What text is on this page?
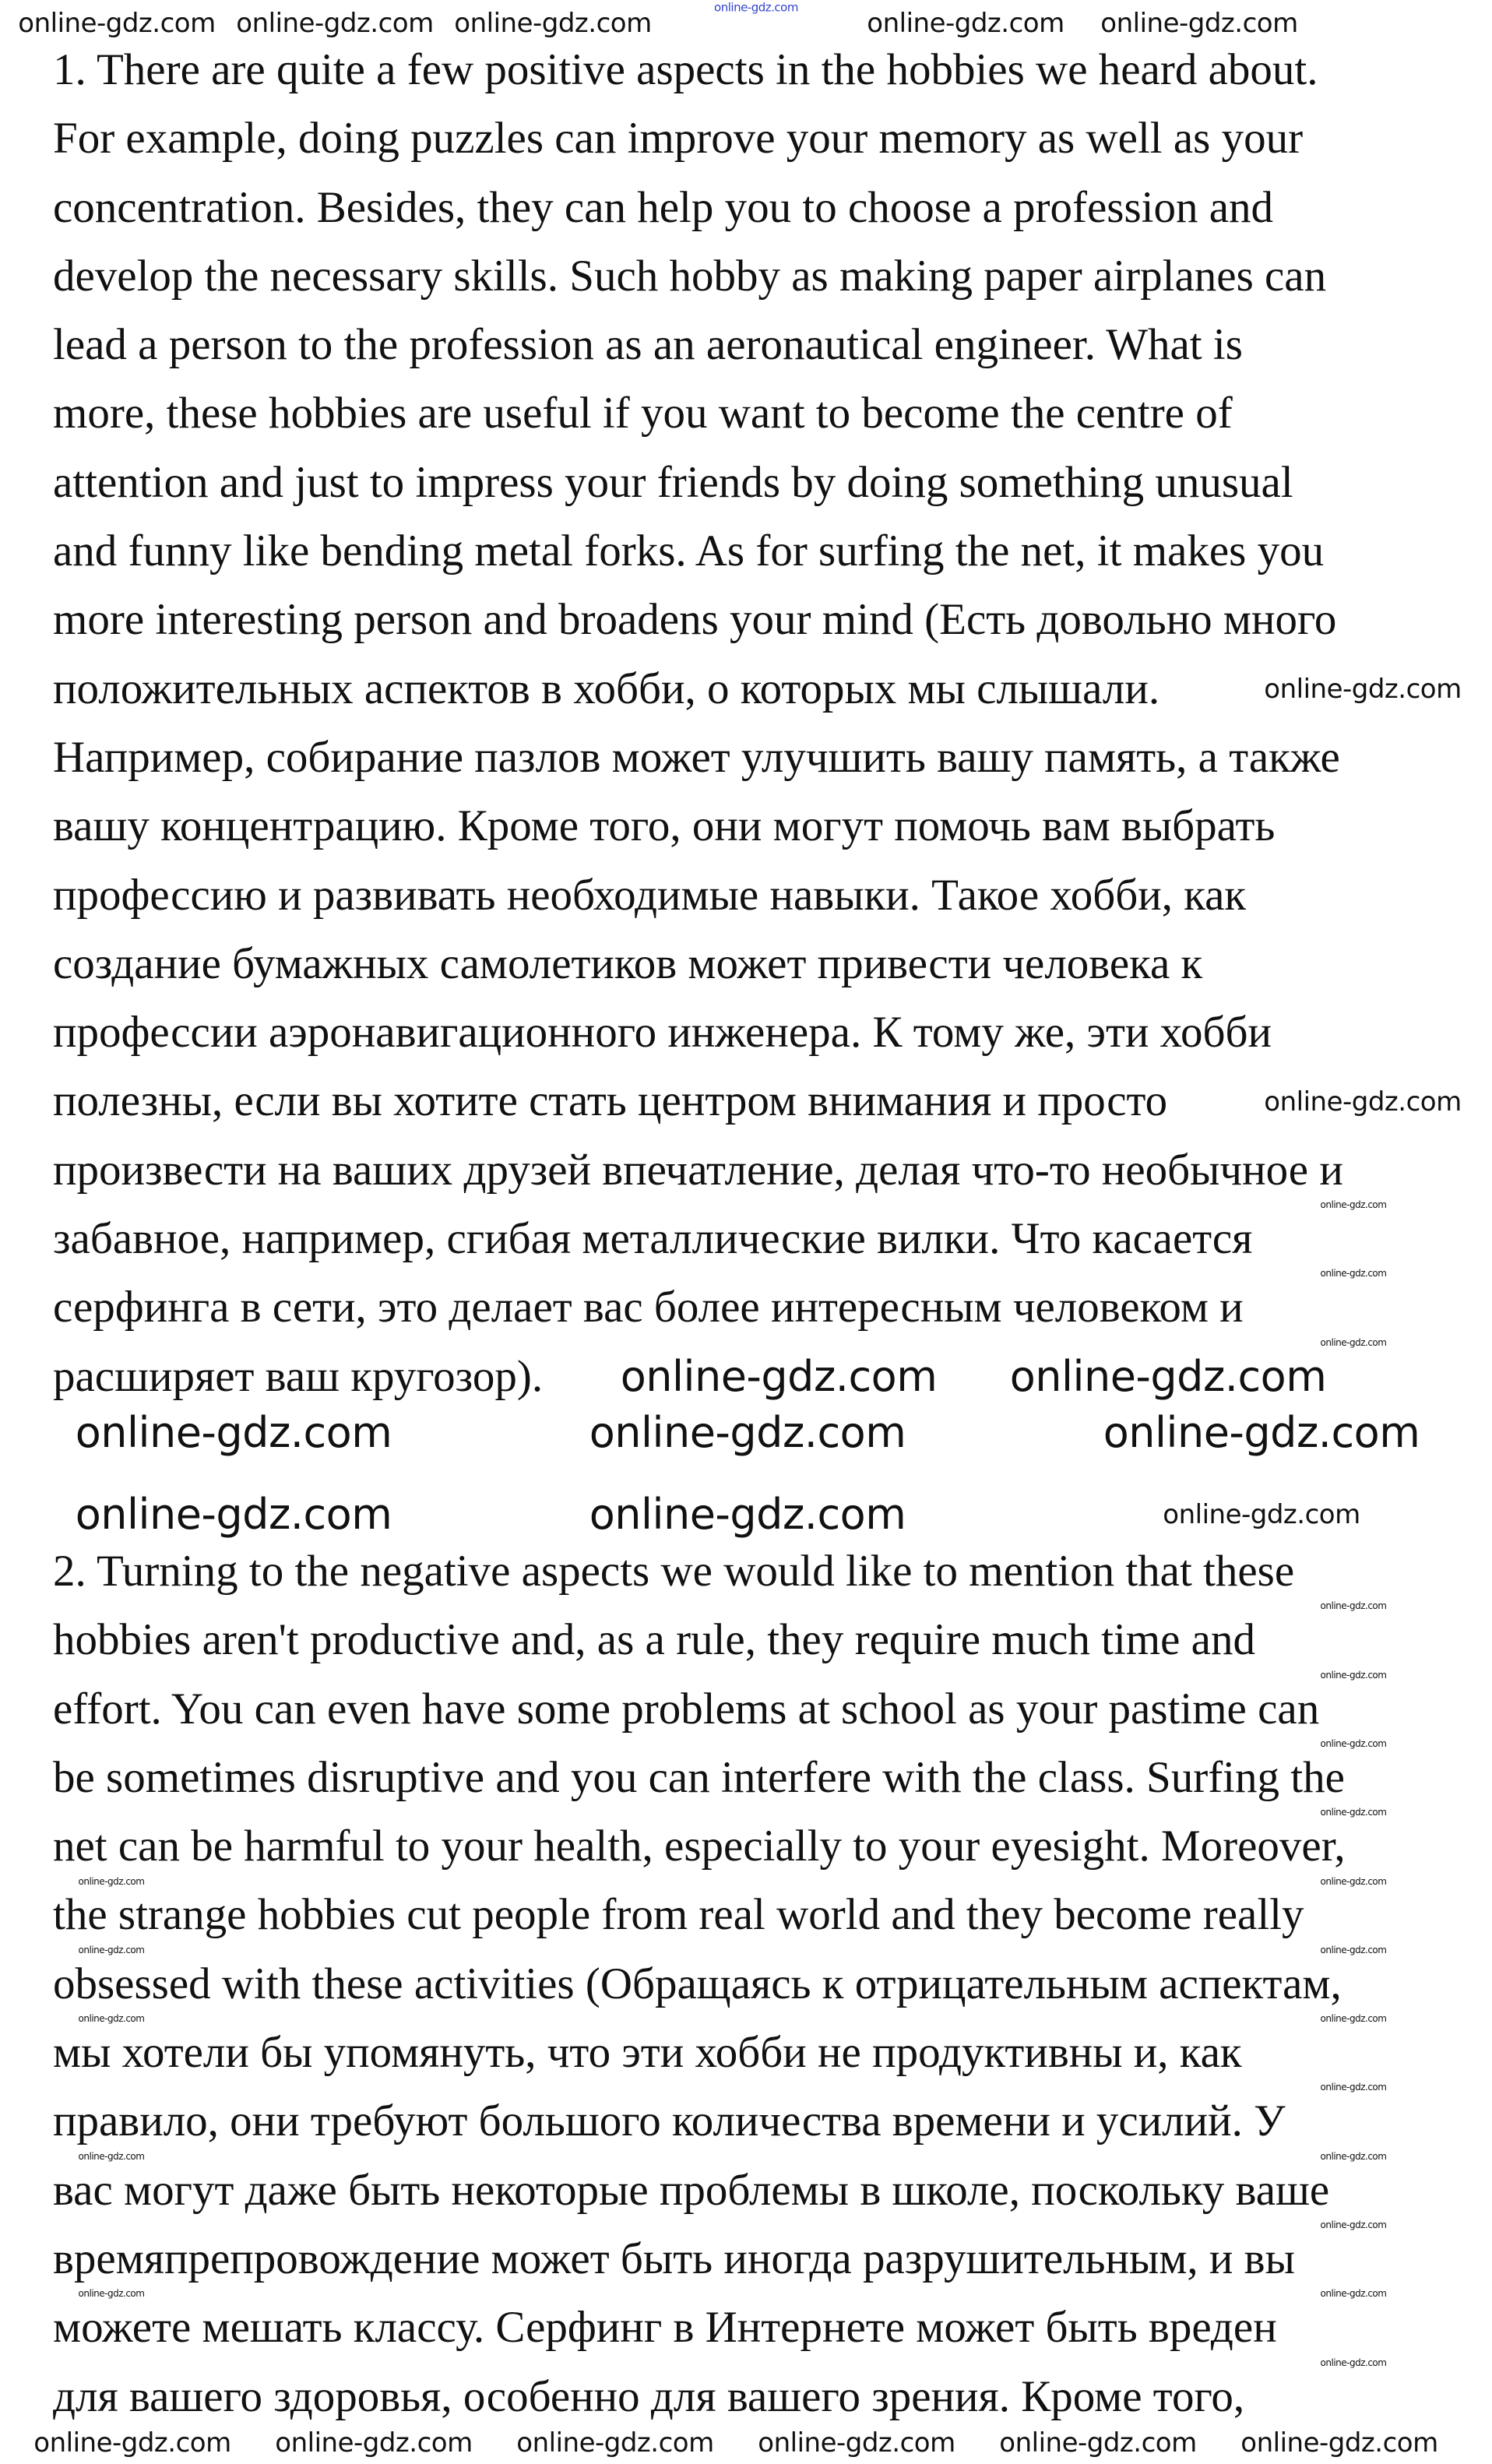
1. There are quite a few positive aspects in the hobbies we heard about.
For example, doing puzzles can improve your memory as well as your
concentration. Besides, they can help you to choose a profession and
develop the necessary skills. Such hobby as making paper airplanes can
lead a person to the profession as an aeronautical engineer. What is
more, these hobbies are useful if you want to become the centre of
attention and just to impress your friends by doing something unusual
and funny like bending metal forks. As for surfing the net, it makes you
more interesting person and broadens your mind (Есть довольно много
положительных аспектов в хобби, о которых мы слышали.
Например, собирание пазлов может улучшить вашу память, а также
вашу концентрацию. Кроме того, они могут помочь вам выбрать
профессию и развивать необходимые навыки. Такое хобби, как
создание бумажных самолетиков может привести человека к
профессии аэронавигационного инженера. К тому же, эти хобби
полезны, если вы хотите стать центром внимания и просто
произвести на ваших друзей впечатление, делая что-то необычное и
забавное, например, сгибая металлические вилки. Что касается
серфинга в сети, это делает вас более интересным человеком и
расширяет ваш кругозор).
2. Turning to the negative aspects we would like to mention that these
hobbies aren't productive and, as a rule, they require much time and
effort. You can even have some problems at school as your pastime can
be sometimes disruptive and you can interfere with the class. Surfing the
net can be harmful to your health, especially to your eyesight. Moreover,
the strange hobbies cut people from real world and they become really
obsessed with these activities (Обращаясь к отрицательным аспектам,
мы хотели бы упомянуть, что эти хобби не продуктивны и, как
правило, они требуют большого количества времени и усилий. У
вас могут даже быть некоторые проблемы в школе, поскольку ваше
времяпрепровождение может быть иногда разрушительным, и вы
можете мешать классу. Серфинг в Интернете может быть вреден
для вашего здоровья, особенно для вашего зрения. Кроме того,
online-gdz.com
online-gdz.com online-gdz.com online-gdz.com	online-gdz.com online-gdz.com
online-gdz.com
online-gdz.com
online-gdz.com online-gdz.com
online-gdz.com	online-gdz.com	online-gdz.com
online-gdz.com	online-gdz.com	online-gdz.com
online-gdz.com online-gdz.com online-gdz.com online-gdz.com online-gdz.com online-gdz.com
online-gdz.com
online-gdz.com
online-gdz.com
online-gdz.com
online-gdz.com
online-gdz.com
online-gdz.com
online-gdz.com
online-gdz.com
online-gdz.com
online-gdz.com
online-gdz.com
online-gdz.com
online-gdz.com
online-gdz.com
online-gdz.com
online-gdz.com
online-gdz.com
online-gdz.com
online-gdz.com
